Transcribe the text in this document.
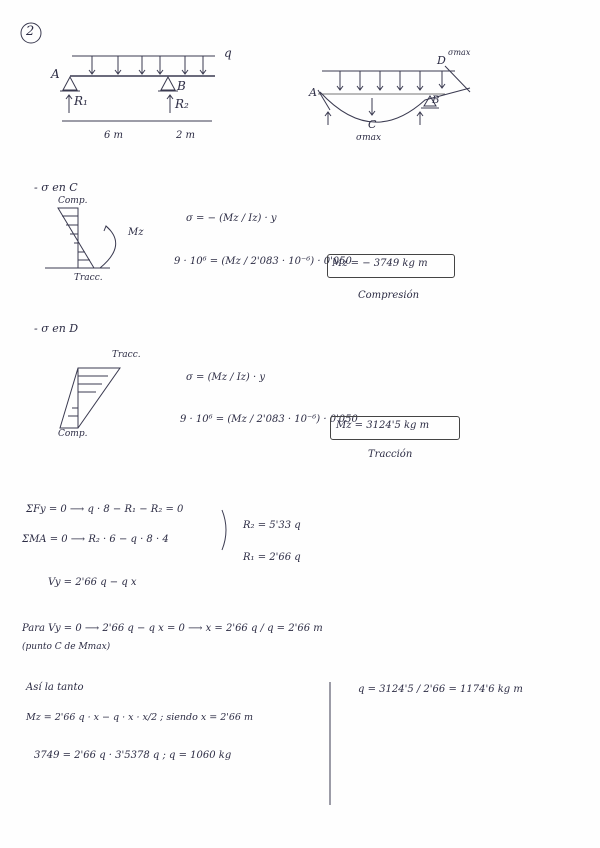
2
A
B
q
R₁	R₂
6 m	2 m
A
B
C
D
σmax
σmax
- σ en C
Comp.
Tracc.
Mz
σ = − (Mz / Iz) · y
9 · 10⁶ = (Mz / 2'083 · 10⁻⁶) · 0'050
Mz = − 3749 kg m
Compresión
- σ en D
Tracc.
Comp.
σ = (Mz / Iz) · y
9 · 10⁶ = (Mz / 2'083 · 10⁻⁶) · 0'050
Mz = 3124'5 kg m
Tracción
ΣFy = 0 ⟶ q · 8 − R₁ − R₂ = 0
ΣMA = 0 ⟶ R₂ · 6 − q · 8 · 4
R₂ = 5'33 q
R₁ = 2'66 q
Vy = 2'66 q − q x
Para Vy = 0 ⟶ 2'66 q − q x = 0 ⟶ x = 2'66 q / q = 2'66 m
(punto C de Mmax)
Así la tanto
Mz = 2'66 q · x − q · x · x/2 ; siendo x = 2'66 m
3749 = 2'66 q · 3'5378 q ; q = 1060 kg
q = 3124'5 / 2'66 = 1174'6 kg m
